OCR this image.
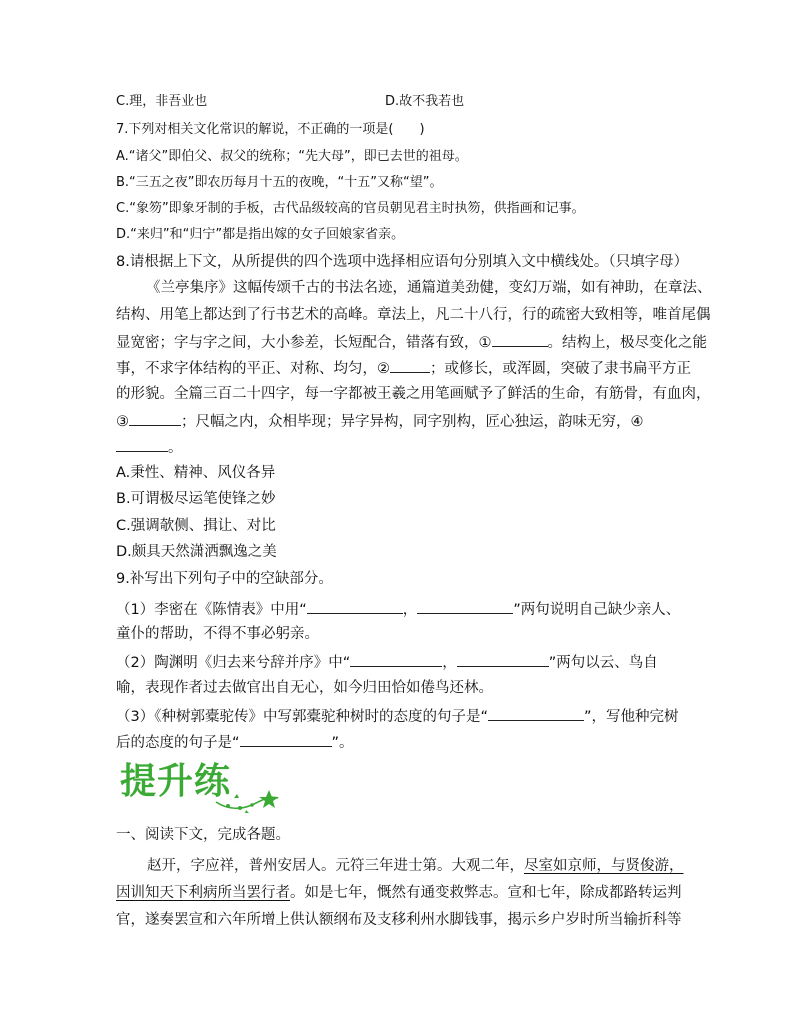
C.理，非吾业也	D.故不我若也
7.下列对相关文化常识的解说，不正确的一项是(　　)
A.“诸父”即伯父、叔父的统称；“先大母”，即已去世的祖母。
B.“三五之夜”即农历每月十五的夜晚，“十五”又称“望”。
C.“象笏”即象牙制的手板，古代品级较高的官员朝见君主时执笏，供指画和记事。
D.“来归”和“归宁”都是指出嫁的女子回娘家省亲。
8.请根据上下文，从所提供的四个选项中选择相应语句分别填入文中横线处。（只填字母）
《兰亭集序》这幅传颂千古的书法名迹，通篇道美劲健，变幻万端，如有神助，在章法、
结构、用笔上都达到了行书艺术的高峰。章法上，凡二十八行，行的疏密大致相等，唯首尾偶
显宽密；字与字之间，大小参差，长短配合，错落有致，①	。结构上，极尽变化之能
事，不求字体结构的平正、对称、均匀，②	；或修长，或浑圆，突破了隶书扁平方正
的形貌。全篇三百二十四字，每一字都被王羲之用笔画赋予了鲜活的生命，有筋骨，有血肉，
③	；尺幅之内，众相毕现；异字异构，同字别构，匠心独运，韵味无穷，④
。
A.秉性、精神、风仪各异
B.可谓极尽运笔使锋之妙
C.强调欹侧、揖让、对比
D.颇具天然潇洒飘逸之美
9.补写出下列句子中的空缺部分。
（1）李密在《陈情表》中用“	，	”两句说明自己缺少亲人、
童仆的帮助，不得不事必躬亲。
（2）陶渊明《归去来兮辞并序》中“	，	”两句以云、鸟自
喻，表现作者过去做官出自无心，如今归田恰如倦鸟还林。
（3）《种树郭橐驼传》中写郭橐驼种树时的态度的句子是“	”，写他种完树
后的态度的句子是“	”。
提升练
一、阅读下文，完成各题。
赵开，字应祥，普州安居人。元符三年进士第。大观二年，尽室如京师，与贤俊游，
因训知天下利病所当罢行者。如是七年，慨然有通变救弊志。宣和七年，除成都路转运判
官，遂奏罢宣和六年所增上供认额纲布及支移利州水脚钱事，揭示乡户岁时所当输折科等
